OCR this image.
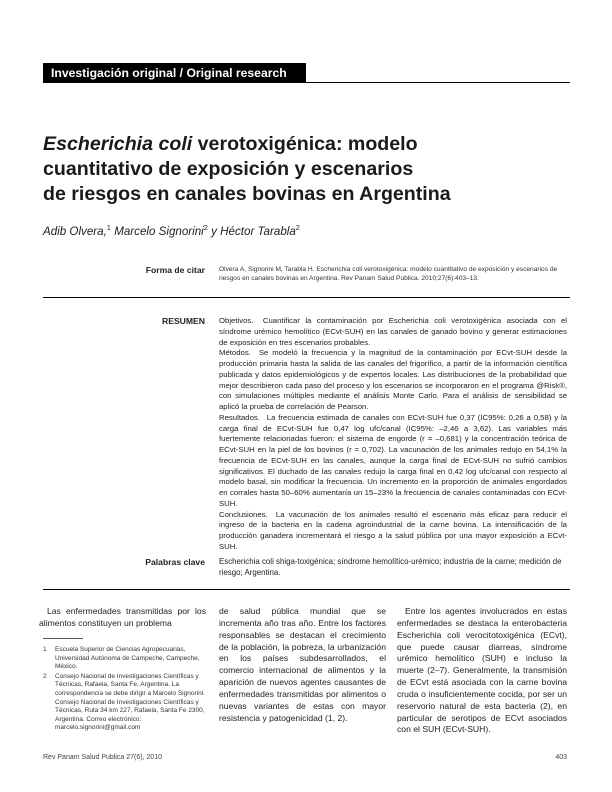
Investigación original / Original research
Escherichia coli verotoxigénica: modelo
cuantitativo de exposición y escenarios
de riesgos en canales bovinas en Argentina
Adib Olvera,$^1$ Marcelo Signorini$^2$ y Héctor Tarabla$^2$
Forma de citar Olvera A, Signorini M, Tarabla H. Escherichia coli verotoxigénica: modelo cuantitativo de exposición y escenarios de riesgos en canales bovinas en Argentina. Rev Panam Salud Publica. 2010;27(6):403–13.
RESUMEN Objetivos. Cuantificar la contaminación por Escherichia coli verotoxigénica asociada con el síndrome urémico hemolítico (ECvt-SUH) en las canales de ganado bovino y generar estimaciones de exposición en tres escenarios probables.

Métodos. Se modeló la frecuencia y la magnitud de la contaminación por ECvt-SUH desde la producción primaria hasta la salida de las canales del frigorífico, a partir de la información científica publicada y datos epidemiológicos y de expertos locales. Las distribuciones de la probabilidad que mejor describieron cada paso del proceso y los escenarios se incorporaron en el programa @Risk®, con simulaciones múltiples mediante el análisis Monte Carlo. Para el análisis de sensibilidad se aplicó la prueba de correlación de Pearson.

Resultados. La frecuencia estimada de canales con ECvt-SUH fue 0,37 (IC95%: 0,26 a 0,58) y la carga final de ECvt-SUH fue 0,47 log ufc/canal (IC95%: –2,46 a 3,62). Las variables más fuertemente relacionadas fueron: el sistema de engorde (r = –0,681) y la concentración teórica de ECvt-SUH en la piel de los bovinos (r = 0,702). La vacunación de los animales redujo en 54,1% la frecuencia de ECvt-SUH en las canales, aunque la carga final de ECvt-SUH no sufrió cambios significativos. El duchado de las canales redujo la carga final en 0,42 log ufc/canal con respecto al modelo basal, sin modificar la frecuencia. Un incremento en la proporción de animales engordados en corrales hasta 50–60% aumentaría un 15–23% la frecuencia de canales contaminadas con ECvt-SUH.

Conclusiones. La vacunación de los animales resultó el escenario más eficaz para reducir el ingreso de la bacteria en la cadena agroindustrial de la carne bovina. La intensificación de la producción ganadera incrementará el riesgo a la salud pública por una mayor exposición a ECvt-SUH.

Palabras clave Escherichia coli shiga-toxigénica; síndrome hemolítico-urémico; industria de la carne; medición de riesgo; Argentina.
Las enfermedades transmitidas por los alimentos constituyen un problema
de salud pública mundial que se incrementa año tras año. Entre los factores responsables se destacan el crecimiento de la población, la pobreza, la urbanización en los países subdesarrollados, el comercio internacional de alimentos y la aparición de nuevos agentes causantes de enfermedades transmitidas por alimentos o nuevas variantes de estas con mayor resistencia y patogenicidad (1, 2).
Entre los agentes involucrados en estas enfermedades se destaca la enterobacteria Escherichia coli verocitotoxigénica (ECvt), que puede causar diarreas, síndrome urémico hemolítico (SUH) e incluso la muerte (2–7). Generalmente, la transmisión de ECvt está asociada con la carne bovina cruda o insuficientemente cocida, por ser un reservorio natural de esta bacteria (2), en particular de serotipos de ECvt asociados con el SUH (ECvt-SUH).
1	Escuela Superior de Ciencias Agropecuarias, Universidad Autónoma de Campeche, Campeche, México.
2	Consejo Nacional de Investigaciones Científicas y Técnicas, Rafaela, Santa Fe, Argentina. La correspondencia se debe dirigir a Marcelo Signorini. Consejo Nacional de Investigaciones Científicas y Técnicas, Ruta 34 km 227, Rafaela, Santa Fe 2300, Argentina. Correo electrónico: marcelo.signorini@gmail.com
Rev Panam Salud Publica 27(6), 2010	403
